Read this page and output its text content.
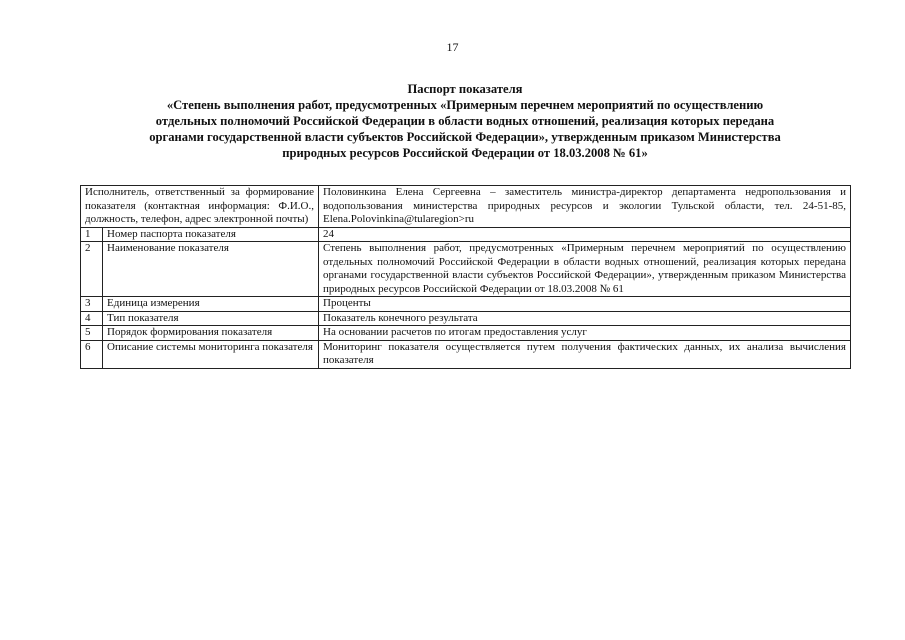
17
Паспорт показателя
«Степень выполнения работ, предусмотренных «Примерным перечнем мероприятий по осуществлению
отдельных полномочий Российской Федерации в области водных отношений, реализация которых передана
органами государственной власти субъектов Российской Федерации», утвержденным приказом Министерства
природных ресурсов Российской Федерации от 18.03.2008 № 61»
Исполнитель, ответственный за формирование показателя (контактная информация: Ф.И.О., должность, телефон, адрес электронной почты)		Половинкина Елена Сергеевна – заместитель министра-директор департамента недропользования и водопользования министерства природных ресурсов и экологии Тульской области, тел. 24-51-85, Elena.Polovinkina@tularegion>ru
1	Номер паспорта показателя	24
2	Наименование показателя	Степень выполнения работ, предусмотренных «Примерным перечнем мероприятий по осуществлению отдельных полномочий Российской Федерации в области водных отношений, реализация которых передана органами государственной власти субъектов Российской Федерации», утвержденным приказом Министерства природных ресурсов Российской Федерации от 18.03.2008 № 61
3	Единица измерения	Проценты
4	Тип показателя	Показатель конечного результата
5	Порядок формирования показателя	На основании расчетов по итогам предоставления услуг
6	Описание системы мониторинга показателя	Мониторинг показателя осуществляется путем получения фактических данных, их анализа вычисления показателя
